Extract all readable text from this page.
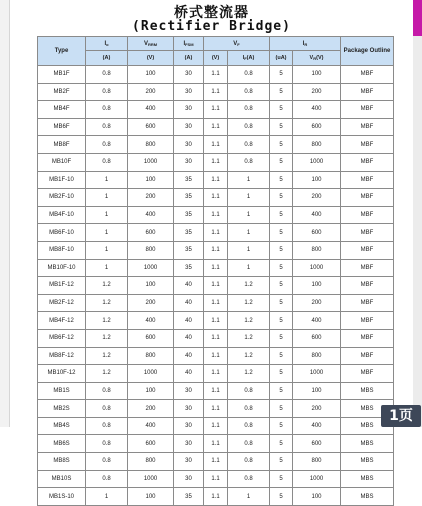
桥式整流器
(Rectifier Bridge)
Type	$I_o$	$V_{RRM}$	$I_{FSM}$	$V_F$		$I_R$		Package Outline
	(A)	(V)	(A)	(V)	$I_F(A)$	(uA)	$V_R(V)$	
MB1F	0.8	100	30	1.1	0.8	5	100	MBF
MB2F	0.8	200	30	1.1	0.8	5	200	MBF
MB4F	0.8	400	30	1.1	0.8	5	400	MBF
MB6F	0.8	600	30	1.1	0.8	5	600	MBF
MB8F	0.8	800	30	1.1	0.8	5	800	MBF
MB10F	0.8	1000	30	1.1	0.8	5	1000	MBF
MB1F-10	1	100	35	1.1	1	5	100	MBF
MB2F-10	1	200	35	1.1	1	5	200	MBF
MB4F-10	1	400	35	1.1	1	5	400	MBF
MB6F-10	1	600	35	1.1	1	5	600	MBF
MB8F-10	1	800	35	1.1	1	5	800	MBF
MB10F-10	1	1000	35	1.1	1	5	1000	MBF
MB1F-12	1.2	100	40	1.1	1.2	5	100	MBF
MB2F-12	1.2	200	40	1.1	1.2	5	200	MBF
MB4F-12	1.2	400	40	1.1	1.2	5	400	MBF
MB6F-12	1.2	600	40	1.1	1.2	5	600	MBF
MB8F-12	1.2	800	40	1.1	1.2	5	800	MBF
MB10F-12	1.2	1000	40	1.1	1.2	5	1000	MBF
MB1S	0.8	100	30	1.1	0.8	5	100	MBS
MB2S	0.8	200	30	1.1	0.8	5	200	MBS
MB4S	0.8	400	30	1.1	0.8	5	400	MBS
MB6S	0.8	600	30	1.1	0.8	5	600	MBS
MB8S	0.8	800	30	1.1	0.8	5	800	MBS
MB10S	0.8	1000	30	1.1	0.8	5	1000	MBS
MB1S-10	1	100	35	1.1	1	5	100	MBS
1页
